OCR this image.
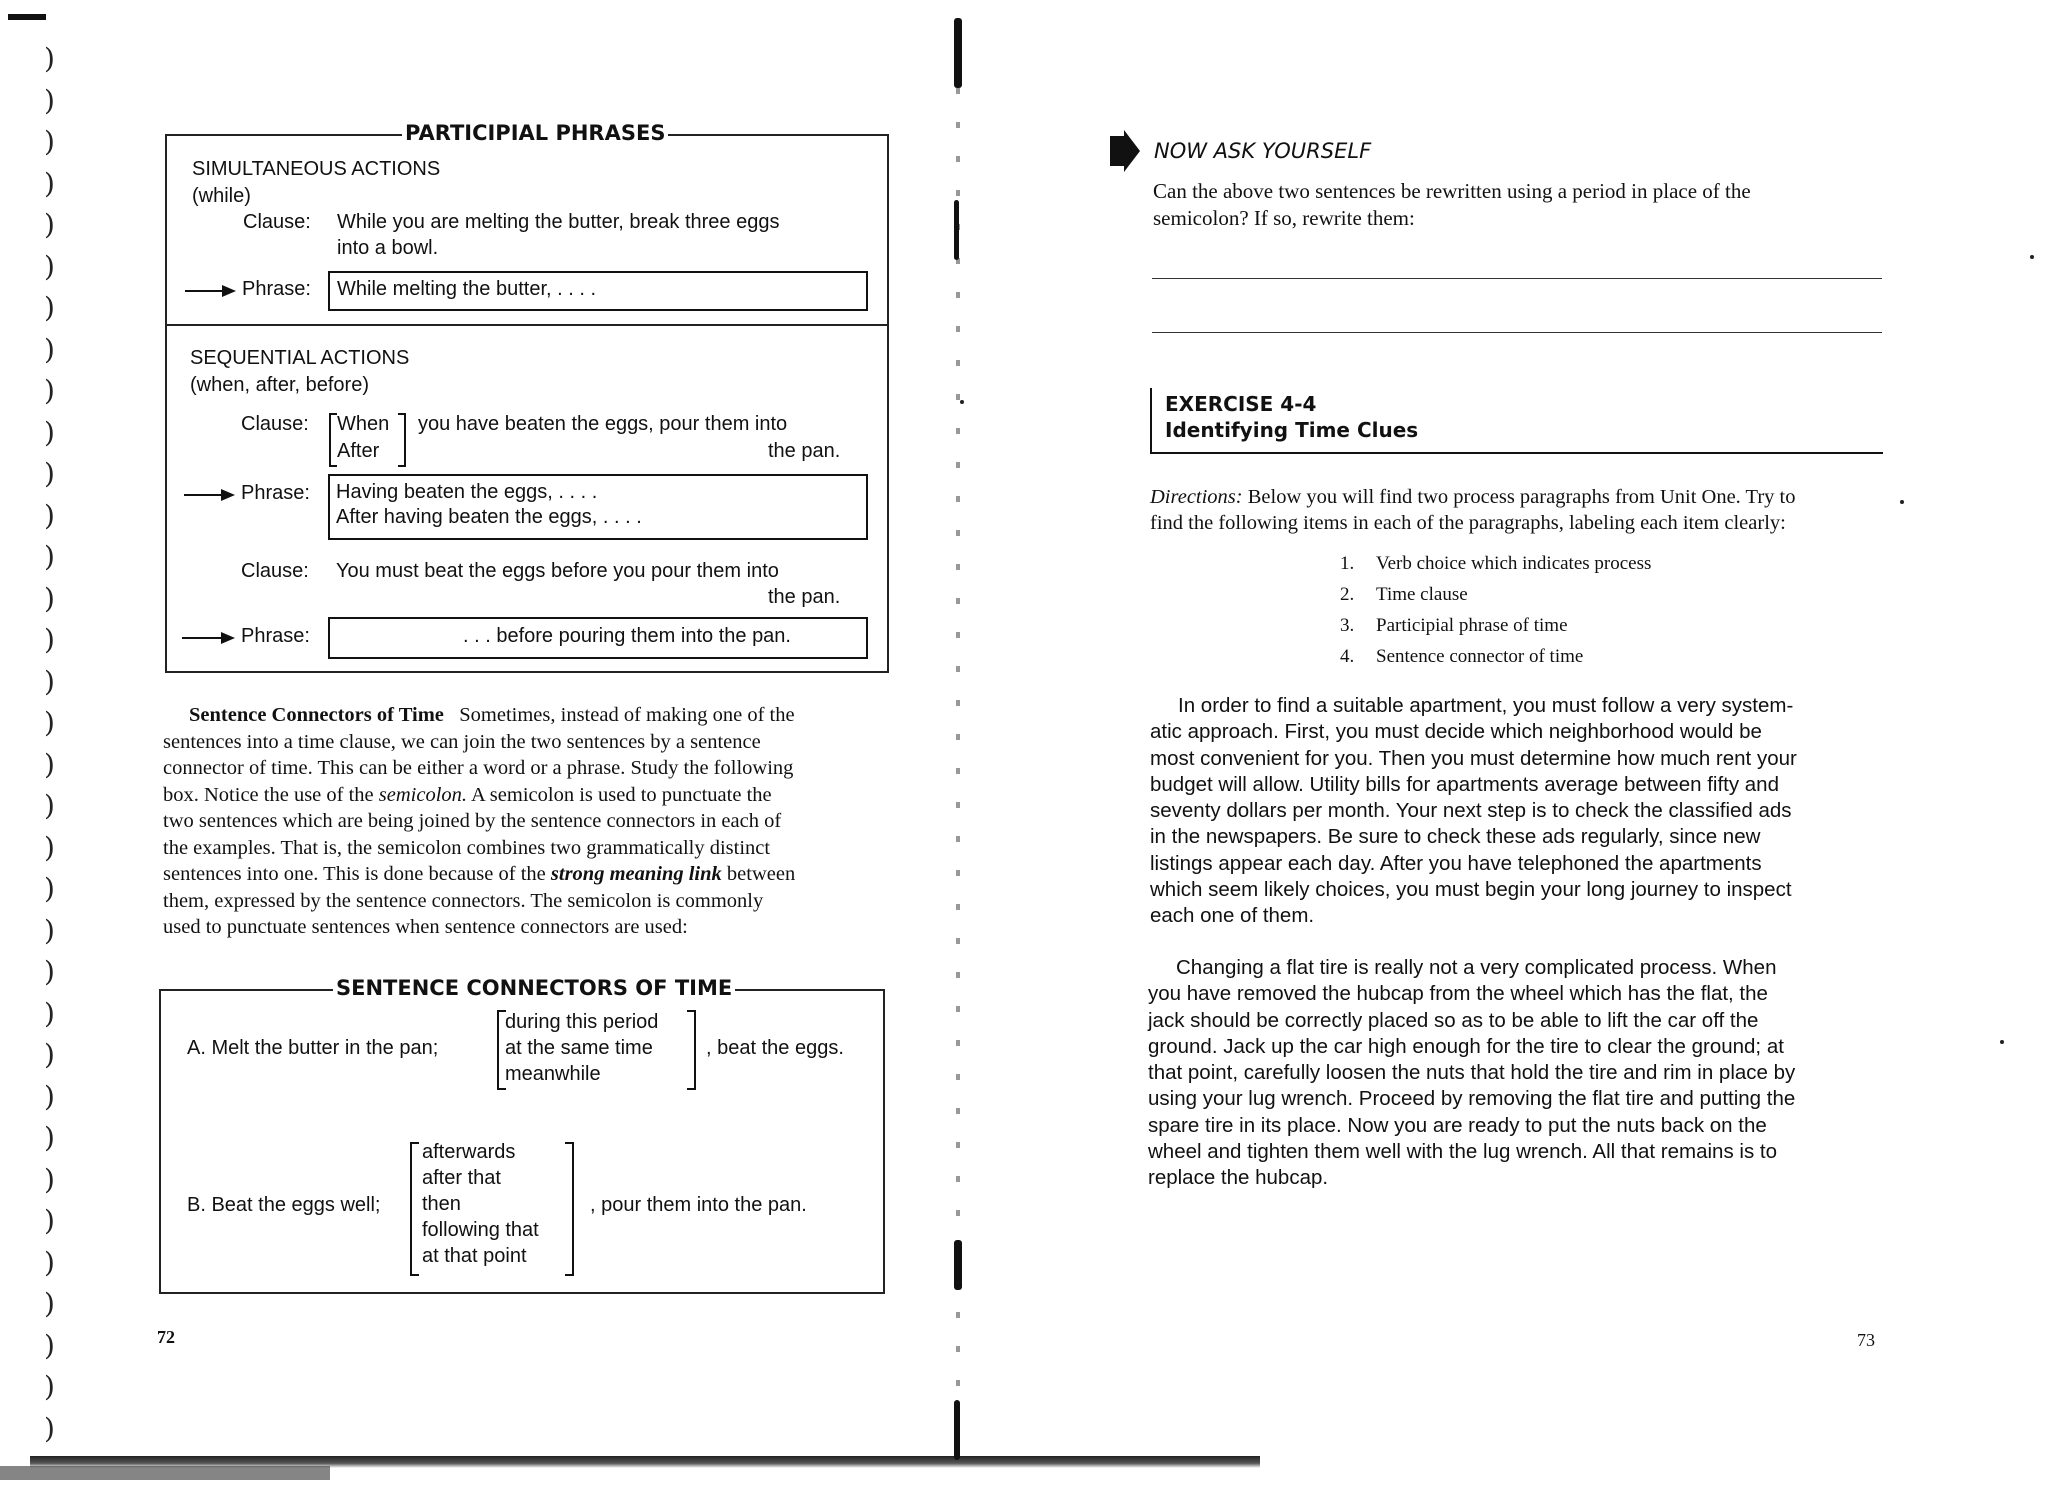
)
)
)
)
)
)
)
)
)
)
)
)
)
)
)
)
)
)
)
)
)
)
)
)
)
)
)
)
)
)
)
)
)
)
PARTICIPIAL PHRASES
SIMULTANEOUS ACTIONS
(while)
Clause: While you are melting the butter, break three eggs
into a bowl.
Phrase: While melting the butter, . . . .
SEQUENTIAL ACTIONS
(when, after, before)
Clause: When
After
you have beaten the eggs, pour them into
the pan.
Phrase: Having beaten the eggs, . . . .
After having beaten the eggs, . . . .
Clause: You must beat the eggs before you pour them into
the pan.
Phrase:	. . . before pouring them into the pan.
Sentence Connectors of Time Sometimes, instead of making one of the
sentences into a time clause, we can join the two sentences by a sentence
connector of time. This can be either a word or a phrase. Study the following
box. Notice the use of the semicolon. A semicolon is used to punctuate the
two sentences which are being joined by the sentence connectors in each of
the examples. That is, the semicolon combines two grammatically distinct
sentences into one. This is done because of the strong meaning link between
them, expressed by the sentence connectors. The semicolon is commonly
used to punctuate sentences when sentence connectors are used:
SENTENCE CONNECTORS OF TIME
A. Melt the butter in the pan;
during this period
at the same time
meanwhile
, beat the eggs.
B. Beat the eggs well;
afterwards
after that
then
following that
at that point
, pour them into the pan.
72
NOW ASK YOURSELF
Can the above two sentences be rewritten using a period in place of the
semicolon? If so, rewrite them:
EXERCISE 4-4
Identifying Time Clues
Directions: Below you will find two process paragraphs from Unit One. Try to
find the following items in each of the paragraphs, labeling each item clearly:
1. Verb choice which indicates process
2. Time clause
3. Participial phrase of time
4. Sentence connector of time
In order to find a suitable apartment, you must follow a very system-
atic approach. First, you must decide which neighborhood would be
most convenient for you. Then you must determine how much rent your
budget will allow. Utility bills for apartments average between fifty and
seventy dollars per month. Your next step is to check the classified ads
in the newspapers. Be sure to check these ads regularly, since new
listings appear each day. After you have telephoned the apartments
which seem likely choices, you must begin your long journey to inspect
each one of them.
Changing a flat tire is really not a very complicated process. When
you have removed the hubcap from the wheel which has the flat, the
jack should be correctly placed so as to be able to lift the car off the
ground. Jack up the car high enough for the tire to clear the ground; at
that point, carefully loosen the nuts that hold the tire and rim in place by
using your lug wrench. Proceed by removing the flat tire and putting the
spare tire in its place. Now you are ready to put the nuts back on the
wheel and tighten them well with the lug wrench. All that remains is to
replace the hubcap.
73
